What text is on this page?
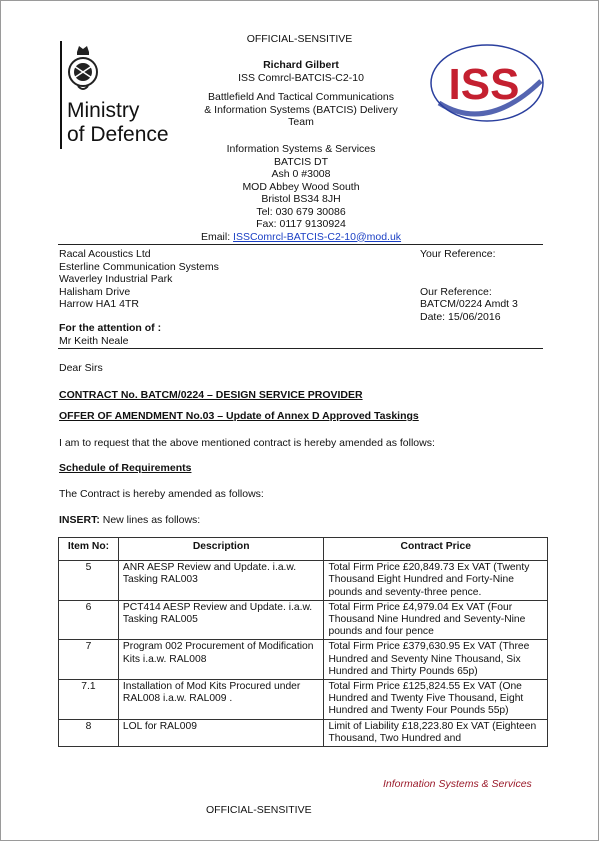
OFFICIAL-SENSITIVE
Ministry
of Defence
ISS
Richard Gilbert
ISS Comrcl-BATCIS-C2-10
Battlefield And Tactical Communications
& Information Systems (BATCIS) Delivery
Team
Information Systems & Services
BATCIS DT
Ash 0 #3008
MOD Abbey Wood South
Bristol BS34 8JH
Tel: 030 679 30086
Fax: 0117 9130924
Email: ISSComrcl-BATCIS-C2-10@mod.uk
Racal Acoustics Ltd
Esterline Communication Systems
Waverley Industrial Park
Halisham Drive
Harrow HA1 4TR
Your Reference:
Our Reference:
BATCM/0224 Amdt 3
Date: 15/06/2016
For the attention of :
Mr Keith Neale
Dear Sirs
CONTRACT No. BATCM/0224 – DESIGN SERVICE PROVIDER
OFFER OF AMENDMENT No.03 – Update of Annex D Approved Taskings
I am to request that the above mentioned contract is hereby amended as follows:
Schedule of Requirements
The Contract is hereby amended as follows:
INSERT: New lines as follows:
Item No:	Description	Contract Price
5	ANR AESP Review and Update. i.a.w. Tasking RAL003	Total Firm Price £20,849.73 Ex VAT (Twenty Thousand Eight Hundred and Forty-Nine pounds and seventy-three pence.
6	PCT414 AESP Review and Update. i.a.w. Tasking RAL005	Total Firm Price £4,979.04 Ex VAT (Four Thousand Nine Hundred and Seventy-Nine pounds and four pence
7	Program 002 Procurement of Modification Kits i.a.w. RAL008	Total Firm Price £379,630.95 Ex VAT (Three Hundred and Seventy Nine Thousand, Six Hundred and Thirty Pounds 65p)
7.1	Installation of Mod Kits Procured under RAL008 i.a.w. RAL009 .	Total Firm Price £125,824.55 Ex VAT (One Hundred and Twenty Five Thousand, Eight Hundred and Twenty Four Pounds 55p)
8	LOL for RAL009	Limit of Liability £18,223.80 Ex VAT (Eighteen Thousand, Two Hundred and
Information Systems & Services
OFFICIAL-SENSITIVE
